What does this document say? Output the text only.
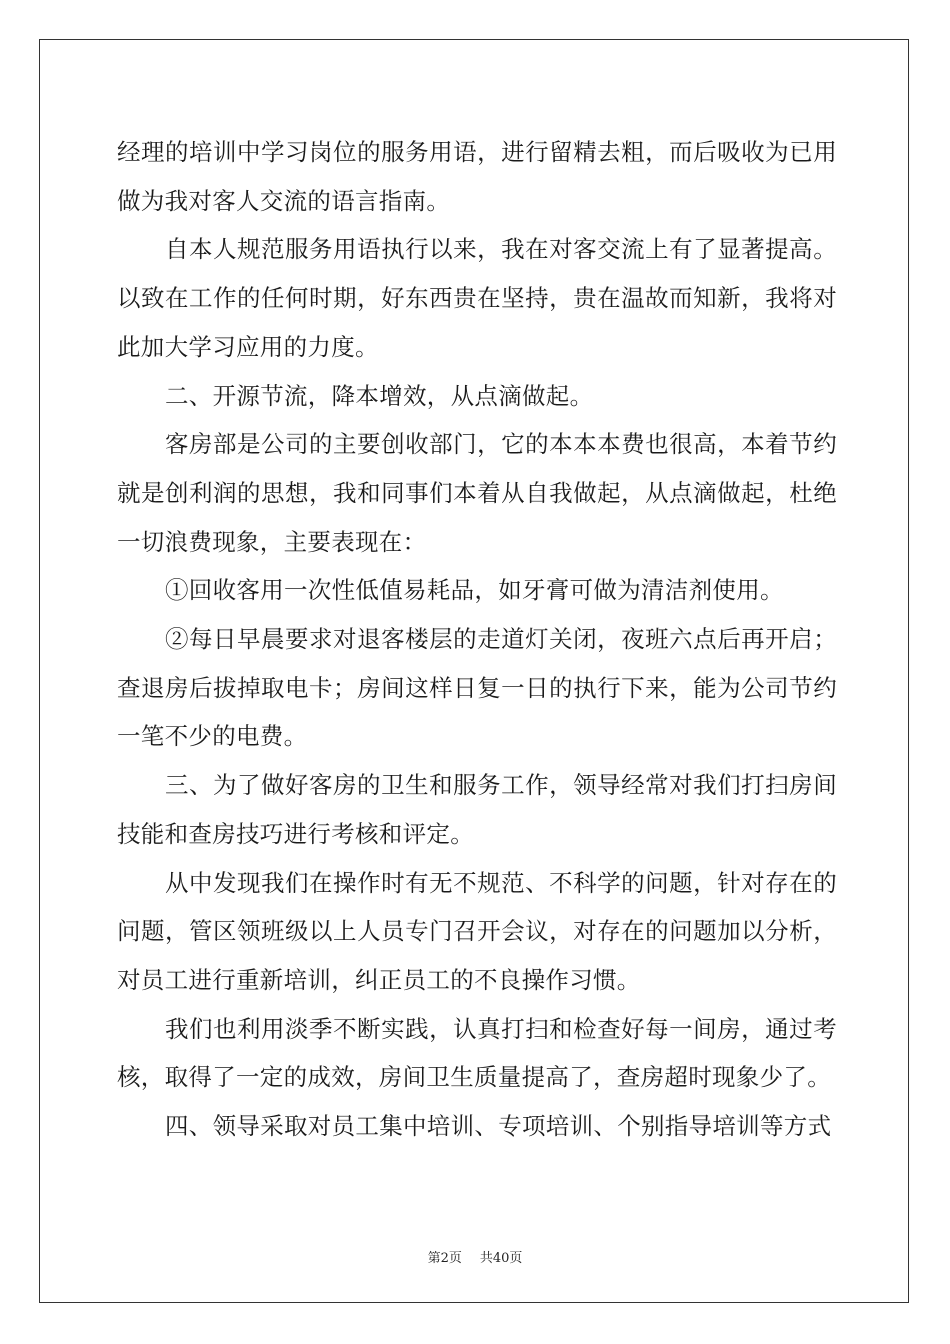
经理的培训中学习岗位的服务用语，进行留精去粗，而后吸收为已用做为我对客人交流的语言指南。

自本人规范服务用语执行以来，我在对客交流上有了显著提高。以致在工作的任何时期，好东西贵在坚持，贵在温故而知新，我将对此加大学习应用的力度。

二、开源节流，降本增效，从点滴做起。

客房部是公司的主要创收部门，它的本本本费也很高，本着节约就是创利润的思想，我和同事们本着从自我做起，从点滴做起，杜绝一切浪费现象，主要表现在：

①回收客用一次性低值易耗品，如牙膏可做为清洁剂使用。

②每日早晨要求对退客楼层的走道灯关闭，夜班六点后再开启；查退房后拔掉取电卡；房间这样日复一日的执行下来，能为公司节约一笔不少的电费。

三、为了做好客房的卫生和服务工作，领导经常对我们打扫房间技能和查房技巧进行考核和评定。

从中发现我们在操作时有无不规范、不科学的问题，针对存在的问题，管区领班级以上人员专门召开会议，对存在的问题加以分析，对员工进行重新培训，纠正员工的不良操作习惯。

我们也利用淡季不断实践，认真打扫和检查好每一间房，通过考核，取得了一定的成效，房间卫生质量提高了，查房超时现象少了。

四、领导采取对员工集中培训、专项培训、个别指导培训等方式

第2页 共40页
